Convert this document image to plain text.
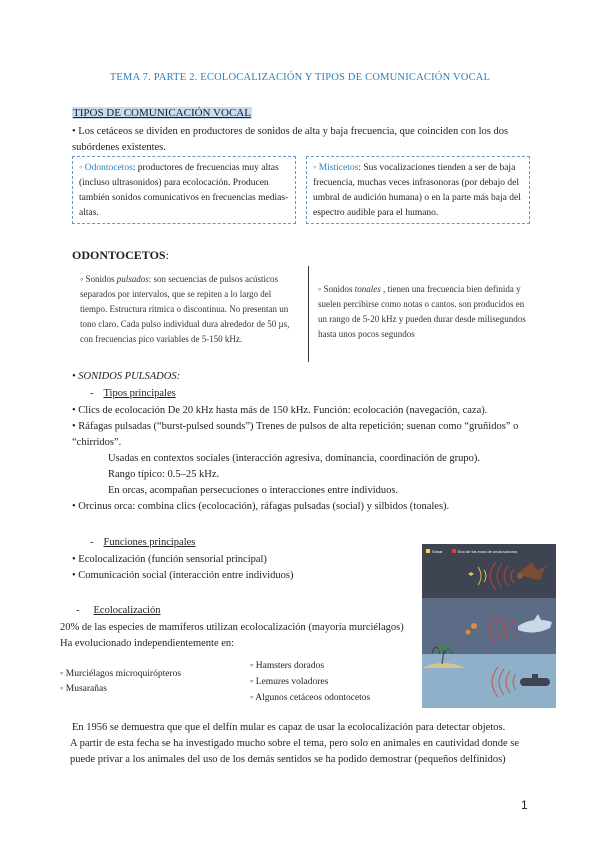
TEMA 7. PARTE 2. ECOLOCALIZACIÓN Y TIPOS DE COMUNICACIÓN VOCAL
TIPOS DE COMUNICACIÓN VOCAL
• Los cetáceos se dividen en productores de sonidos de alta y baja frecuencia, que coinciden con los dos
subórdenes existentes.
◦ Odontocetos: productores de frecuencias muy altas (incluso ultrasonidos) para ecolocación. Producen también sonidos comunicativos en frecuencias medias-altas.
◦ Misticetos: Sus vocalizaciones tienden a ser de baja frecuencia, muchas veces infrasonoras (por debajo del umbral de audición humana) o en la parte más baja del espectro audible para el humano.
ODONTOCETOS:
◦ Sonidos pulsados: son secuencias de pulsos acústicos separados por intervalos, que se repiten a lo largo del tiempo. Estructura rítmica o discontinua. No presentan un tono claro. Cada pulso individual dura alrededor de 50 µs, con frecuencias pico variables de 5-150 kHz.
◦ Sonidos tonales , tienen una frecuencia bien definida y suelen percibirse como notas o cantos. son producidos en un rango de 5-20 kHz y pueden durar desde milisegundos hasta unos pocos segundos
• SONIDOS PULSADOS:
- Tipos principales
• Clics de ecolocación De 20 kHz hasta más de 150 kHz. Función: ecolocación (navegación, caza).
• Ráfagas pulsadas (“burst-pulsed sounds”) Trenes de pulsos de alta repetición; suenan como “gruñidos” o
“chirridos”.
Usadas en contextos sociales (interacción agresiva, dominancia, coordinación de grupo).
Rango típico: 0.5–25 kHz.
En orcas, acompañan persecuciones o interacciones entre individuos.
• Orcinus orca: combina clics (ecolocación), ráfagas pulsadas (social) y silbidos (tonales).
- Funciones principales
• Ecolocalización (función sensorial principal)
• Comunicación social (interacción entre individuos)
- Ecolocalización
20% de las especies de mamíferos utilizan ecolocalización (mayoría murciélagos)
Ha evolucionado independientemente en:
◦ Murciélagos microquirópteros
◦ Musarañas
◦ Hamsters dorados
◦ Lemures voladores
◦ Algunos cetáceos odontocetos
Sonar	Eco de los ecos de onda sonoros
En 1956 se demuestra que que el delfín mular es capaz de usar la ecolocalización para detectar objetos.
A partir de esta fecha se ha investigado mucho sobre el tema, pero solo en animales en cautividad donde se
puede privar a los animales del uso de los demás sentidos se ha podido demostrar (pequeños delfínidos)
1
